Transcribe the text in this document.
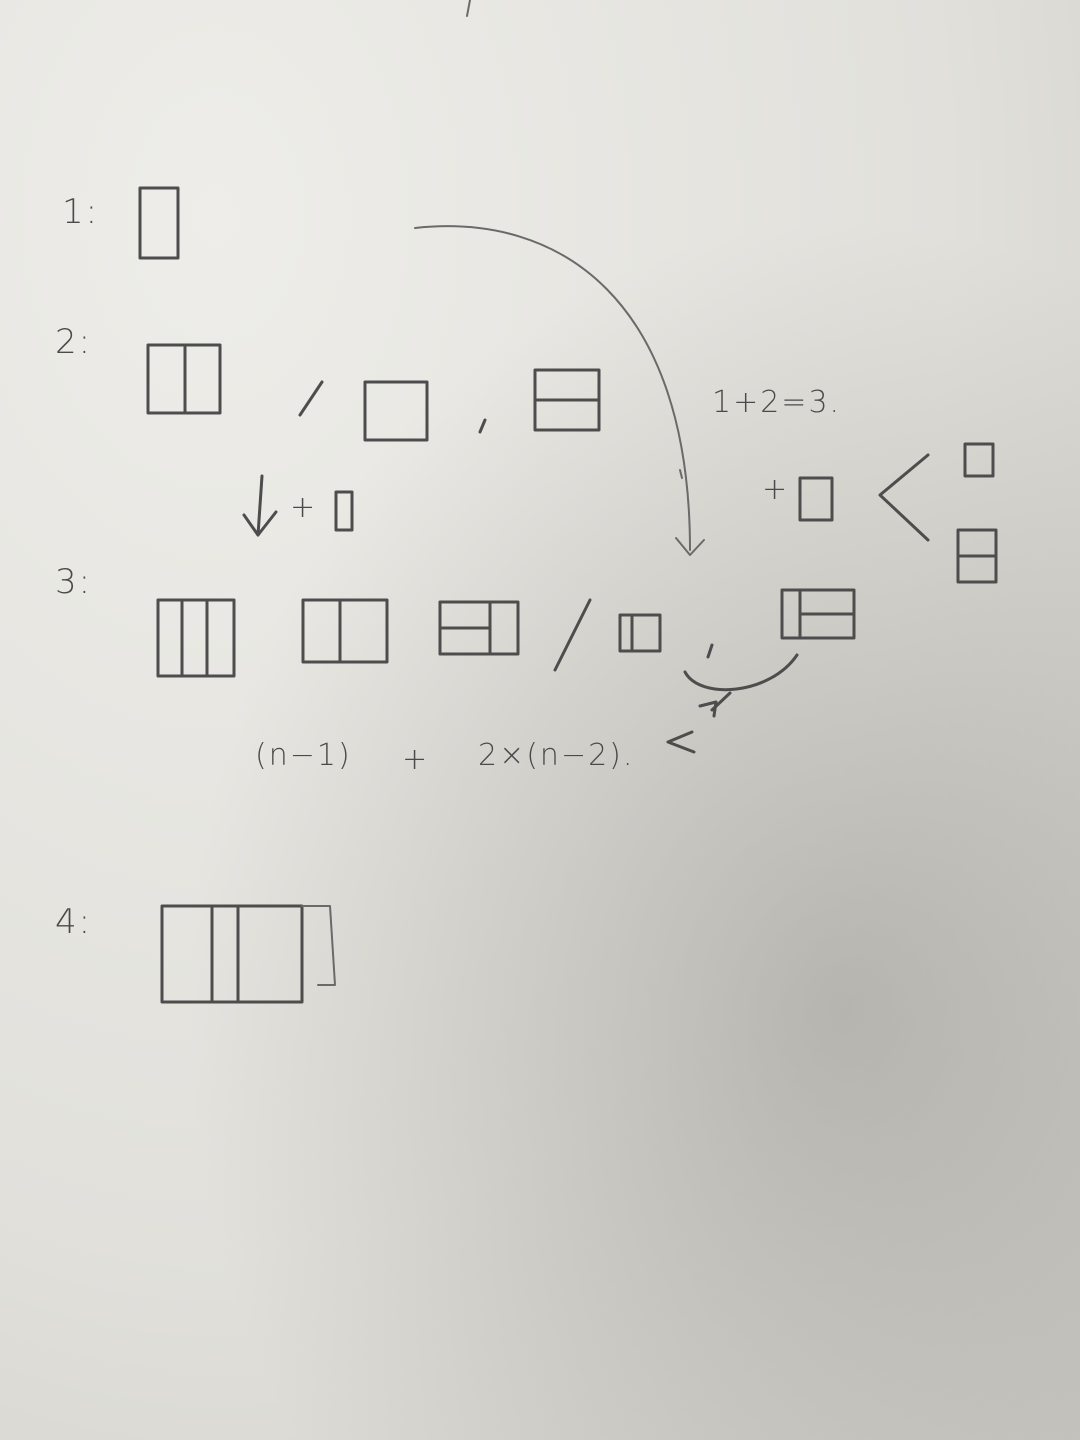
1:
2:
3:
4:
+
+
1+2=3.
(n−1) + 2×(n−2).
